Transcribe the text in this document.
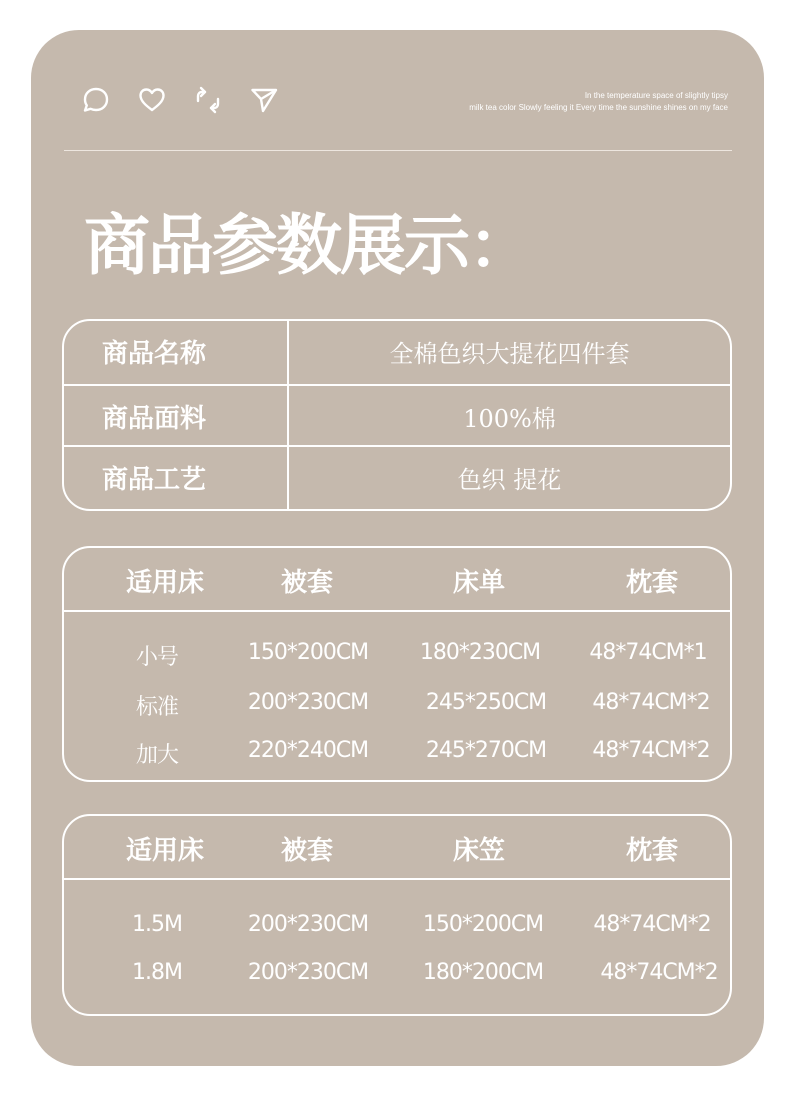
In the temperature space of slightly tipsy
milk tea color Slowly feeling it Every time the sunshine shines on my face
商品参数展示：
商品名称	全棉色织大提花四件套
商品面料	100%棉
商品工艺	色织 提花
适用床	被套	床单	枕套
小号	150*200CM 180*230CM 48*74CM*1
标准	200*230CM	245*250CM 48*74CM*2
加大	220*240CM	245*270CM 48*74CM*2
适用床	被套	床笠	枕套
1.5M	200*230CM 150*200CM 48*74CM*2
1.8M	200*230CM 180*200CM	48*74CM*2
